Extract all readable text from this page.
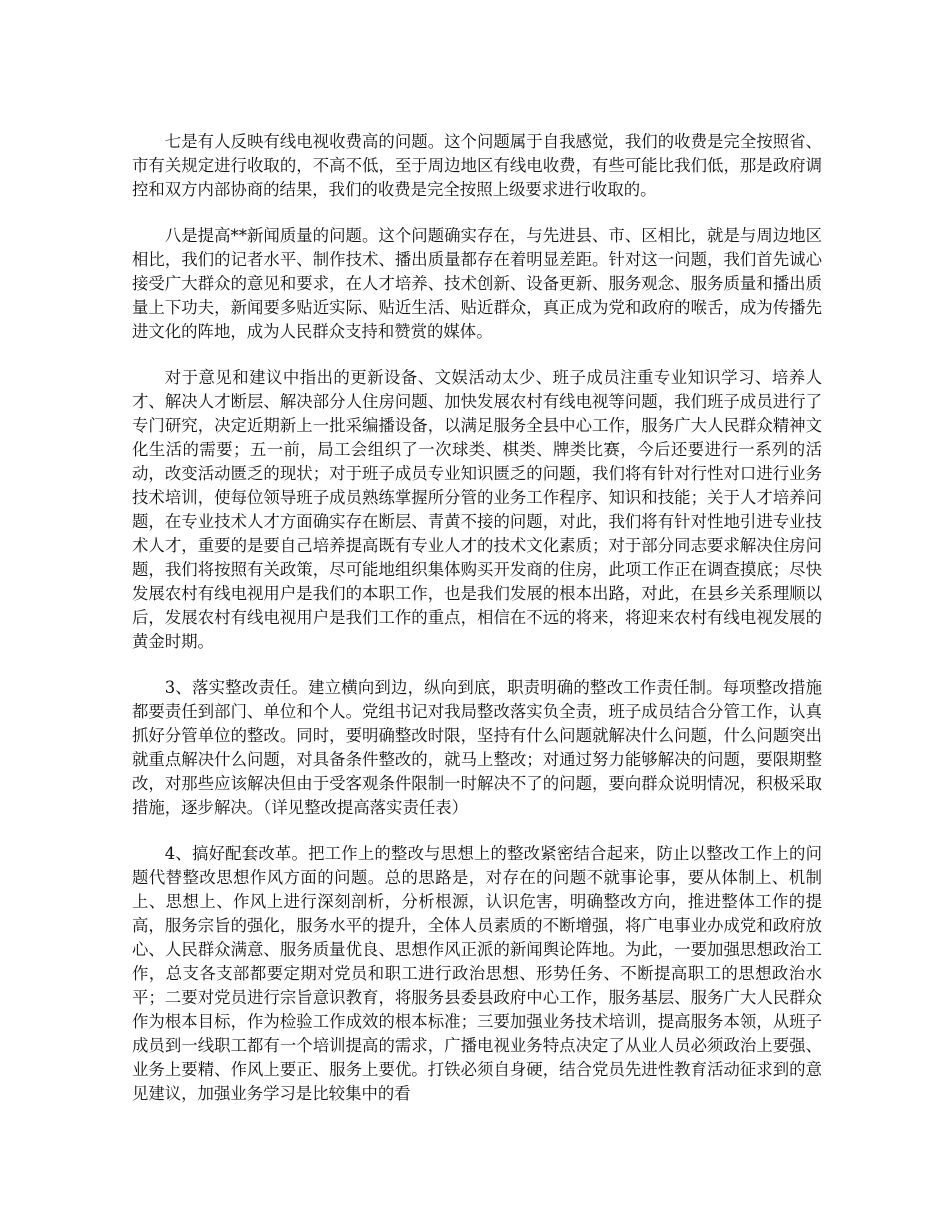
七是有人反映有线电视收费高的问题。这个问题属于自我感觉，我们的收费是完全按照省、市有关规定进行收取的，不高不低，至于周边地区有线电收费，有些可能比我们低，那是政府调控和双方内部协商的结果，我们的收费是完全按照上级要求进行收取的。

八是提高**新闻质量的问题。这个问题确实存在，与先进县、市、区相比，就是与周边地区相比，我们的记者水平、制作技术、播出质量都存在着明显差距。针对这一问题，我们首先诚心接受广大群众的意见和要求，在人才培养、技术创新、设备更新、服务观念、服务质量和播出质量上下功夫，新闻要多贴近实际、贴近生活、贴近群众，真正成为党和政府的喉舌，成为传播先进文化的阵地，成为人民群众支持和赞赏的媒体。

对于意见和建议中指出的更新设备、文娱活动太少、班子成员注重专业知识学习、培养人才、解决人才断层、解决部分人住房问题、加快发展农村有线电视等问题，我们班子成员进行了专门研究，决定近期新上一批采编播设备，以满足服务全县中心工作，服务广大人民群众精神文化生活的需要；五一前，局工会组织了一次球类、棋类、牌类比赛，今后还要进行一系列的活动，改变活动匮乏的现状；对于班子成员专业知识匮乏的问题，我们将有针对行性对口进行业务技术培训，使每位领导班子成员熟练掌握所分管的业务工作程序、知识和技能；关于人才培养问题，在专业技术人才方面确实存在断层、青黄不接的问题，对此，我们将有针对性地引进专业技术人才，重要的是要自己培养提高既有专业人才的技术文化素质；对于部分同志要求解决住房问题，我们将按照有关政策，尽可能地组织集体购买开发商的住房，此项工作正在调查摸底；尽快发展农村有线电视用户是我们的本职工作，也是我们发展的根本出路，对此，在县乡关系理顺以后，发展农村有线电视用户是我们工作的重点，相信在不远的将来，将迎来农村有线电视发展的黄金时期。

3、落实整改责任。建立横向到边，纵向到底，职责明确的整改工作责任制。每项整改措施都要责任到部门、单位和个人。党组书记对我局整改落实负全责，班子成员结合分管工作，认真抓好分管单位的整改。同时，要明确整改时限，坚持有什么问题就解决什么问题，什么问题突出就重点解决什么问题，对具备条件整改的，就马上整改；对通过努力能够解决的问题，要限期整改，对那些应该解决但由于受客观条件限制一时解决不了的问题，要向群众说明情况，积极采取措施，逐步解决。（详见整改提高落实责任表）

4、搞好配套改革。把工作上的整改与思想上的整改紧密结合起来，防止以整改工作上的问题代替整改思想作风方面的问题。总的思路是，对存在的问题不就事论事，要从体制上、机制上、思想上、作风上进行深刻剖析，分析根源，认识危害，明确整改方向，推进整体工作的提高，服务宗旨的强化，服务水平的提升，全体人员素质的不断增强，将广电事业办成党和政府放心、人民群众满意、服务质量优良、思想作风正派的新闻舆论阵地。为此，一要加强思想政治工作，总支各支部都要定期对党员和职工进行政治思想、形势任务、不断提高职工的思想政治水平；二要对党员进行宗旨意识教育，将服务县委县政府中心工作，服务基层、服务广大人民群众作为根本目标，作为检验工作成效的根本标准；三要加强业务技术培训，提高服务本领，从班子成员到一线职工都有一个培训提高的需求，广播电视业务特点决定了从业人员必须政治上要强、业务上要精、作风上要正、服务上要优。打铁必须自身硬，结合党员先进性教育活动征求到的意见建议，加强业务学习是比较集中的看
